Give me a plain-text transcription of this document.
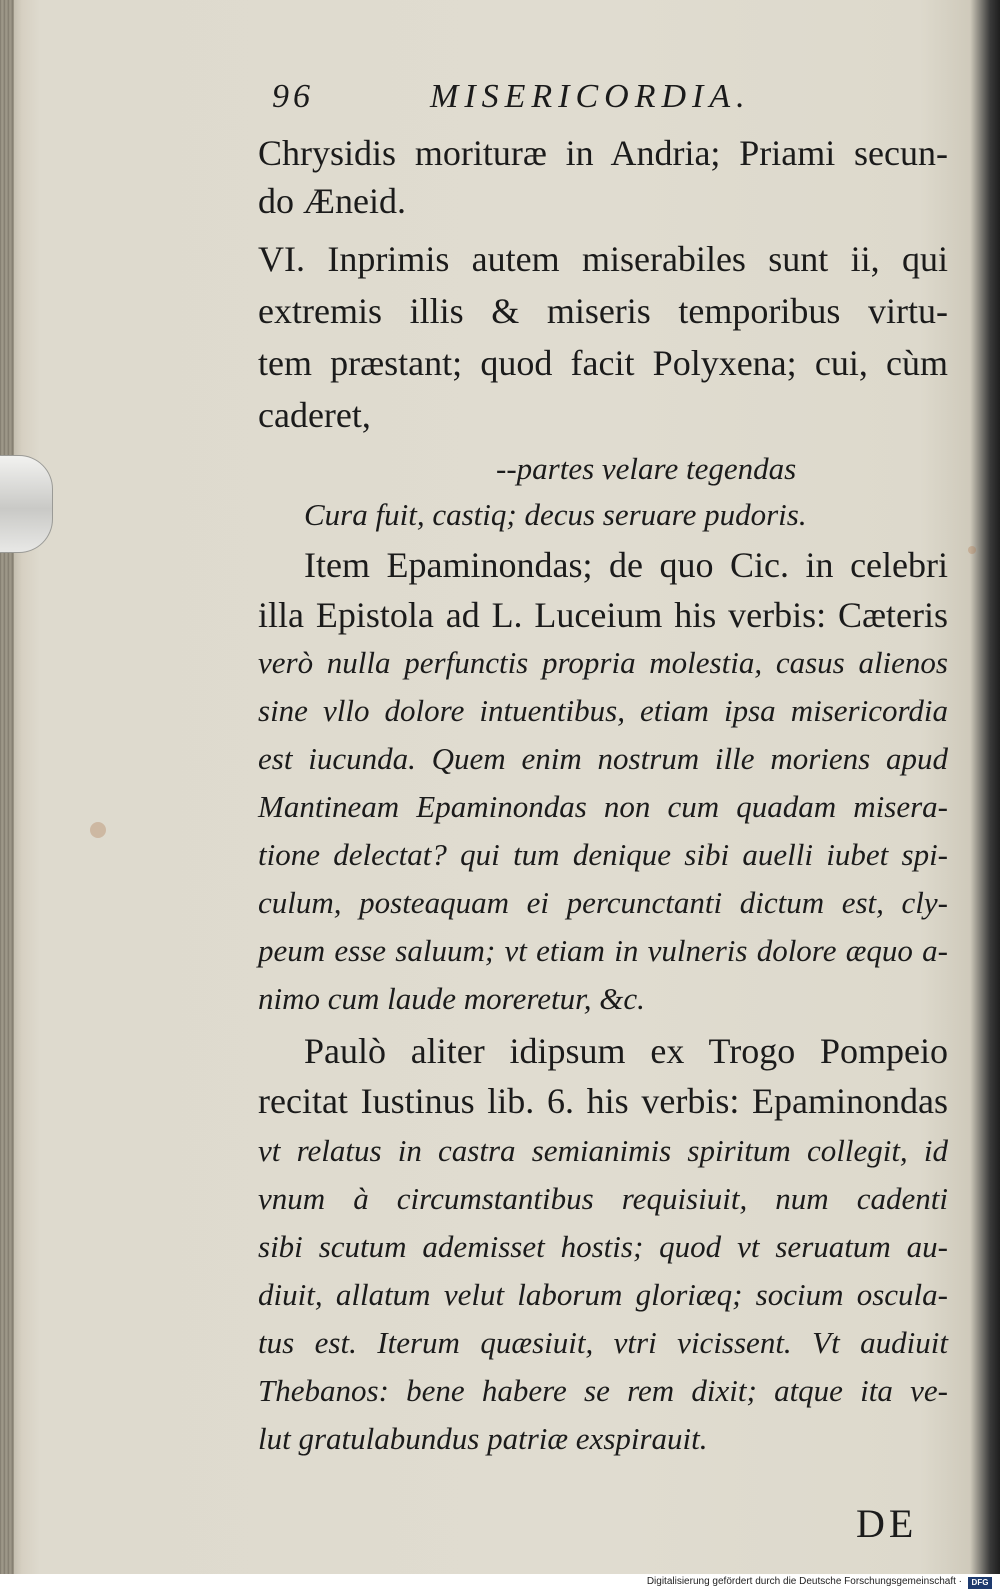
96	MISERICORDIA.
Chrysidis morituræ in Andria; Priami secun-
do Æneid.
VI. Inprimis autem miserabiles sunt ii, qui
extremis illis & miseris temporibus virtu-
tem præstant; quod facit Polyxena; cui, cùm
caderet,
--partes velare tegendas
Cura fuit, castiq; decus seruare pudoris.
Item Epaminondas; de quo Cic. in celebri
illa Epistola ad L. Luceium his verbis: Cæteris
verò nulla perfunctis propria molestia, casus alienos
sine vllo dolore intuentibus, etiam ipsa misericordia
est iucunda. Quem enim nostrum ille moriens apud
Mantineam Epaminondas non cum quadam misera-
tione delectat? qui tum denique sibi auelli iubet spi-
culum, posteaquam ei percunctanti dictum est, cly-
peum esse saluum; vt etiam in vulneris dolore æquo a-
nimo cum laude moreretur, &c.
Paulò aliter idipsum ex Trogo Pompeio
recitat Iustinus lib. 6. his verbis: Epaminondas
vt relatus in castra semianimis spiritum collegit, id
vnum à circumstantibus requisiuit, num cadenti
sibi scutum ademisset hostis; quod vt seruatum au-
diuit, allatum velut laborum gloriæq; socium oscula-
tus est. Iterum quæsiuit, vtri vicissent. Vt audiuit
Thebanos: bene habere se rem dixit; atque ita ve-
lut gratulabundus patriæ exspirauit.
DE
Digitalisierung gefördert durch die Deutsche Forschungsgemeinschaft ·	DFG
